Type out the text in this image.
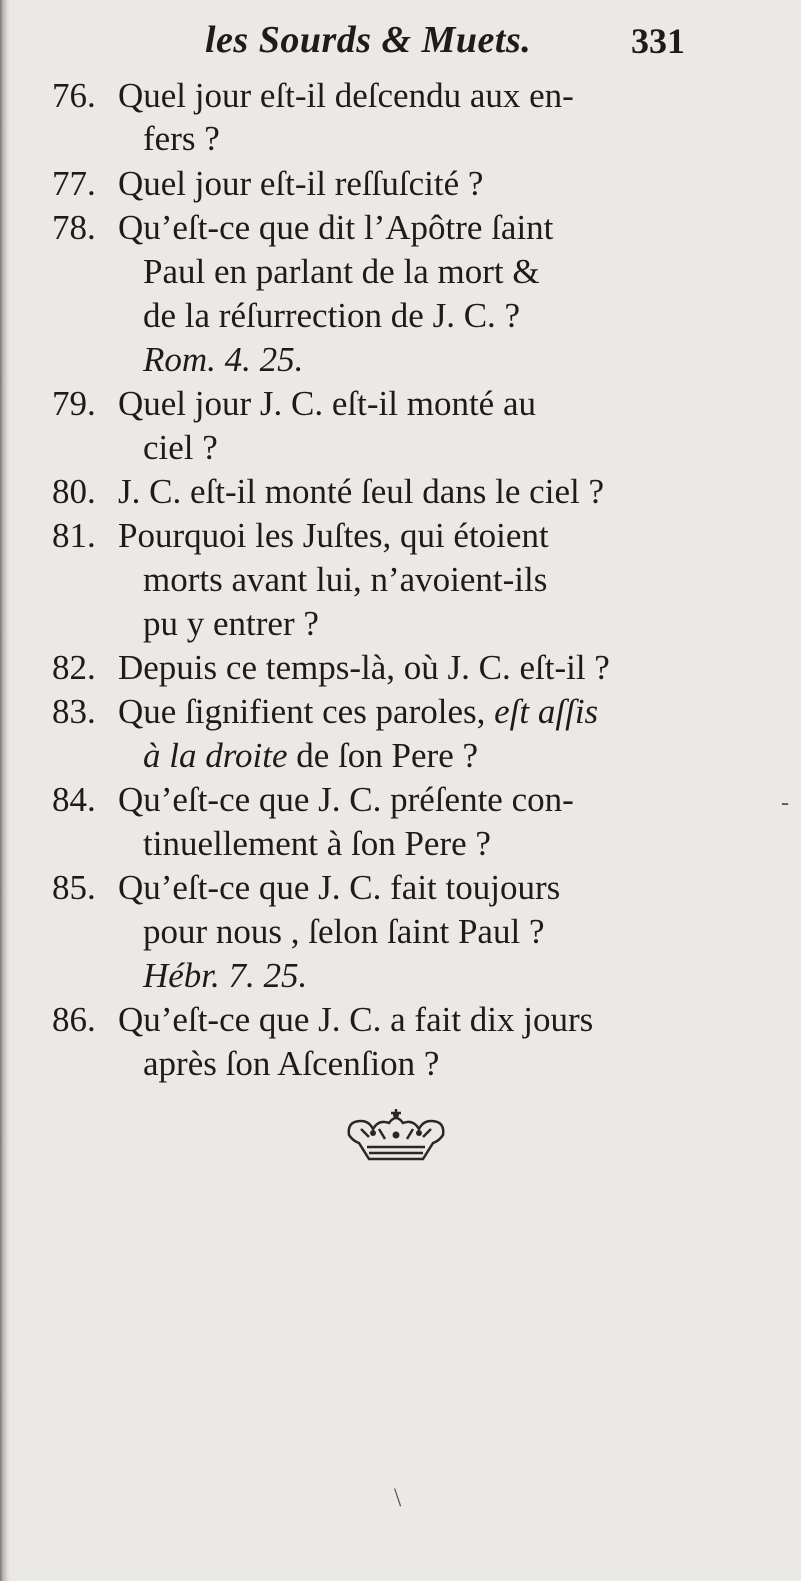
les Sourds & Muets.	331
76. Quel jour eſt-il deſcendu aux en-
fers ?
77. Quel jour eſt-il reſſuſcité ?
78. Qu’eſt-ce que dit l’Apôtre ſaint
Paul en parlant de la mort &
de la réſurrection de J. C. ?
Rom. 4. 25.
79. Quel jour J. C. eſt-il monté au
ciel ?
80. J. C. eſt-il monté ſeul dans le ciel ?
81. Pourquoi les Juſtes, qui étoient
morts avant lui, n’avoient-ils
pu y entrer ?
82. Depuis ce temps-là, où J. C. eſt-il ?
83. Que ſignifient ces paroles, eſt aſſis
à la droite de ſon Pere ?
84. Qu’eſt-ce que J. C. préſente con-
tinuellement à ſon Pere ?
85. Qu’eſt-ce que J. C. fait toujours
pour nous , ſelon ſaint Paul ?
Hébr. 7. 25.
86. Qu’eſt-ce que J. C. a fait dix jours
après ſon Aſcenſion ?
-
\
